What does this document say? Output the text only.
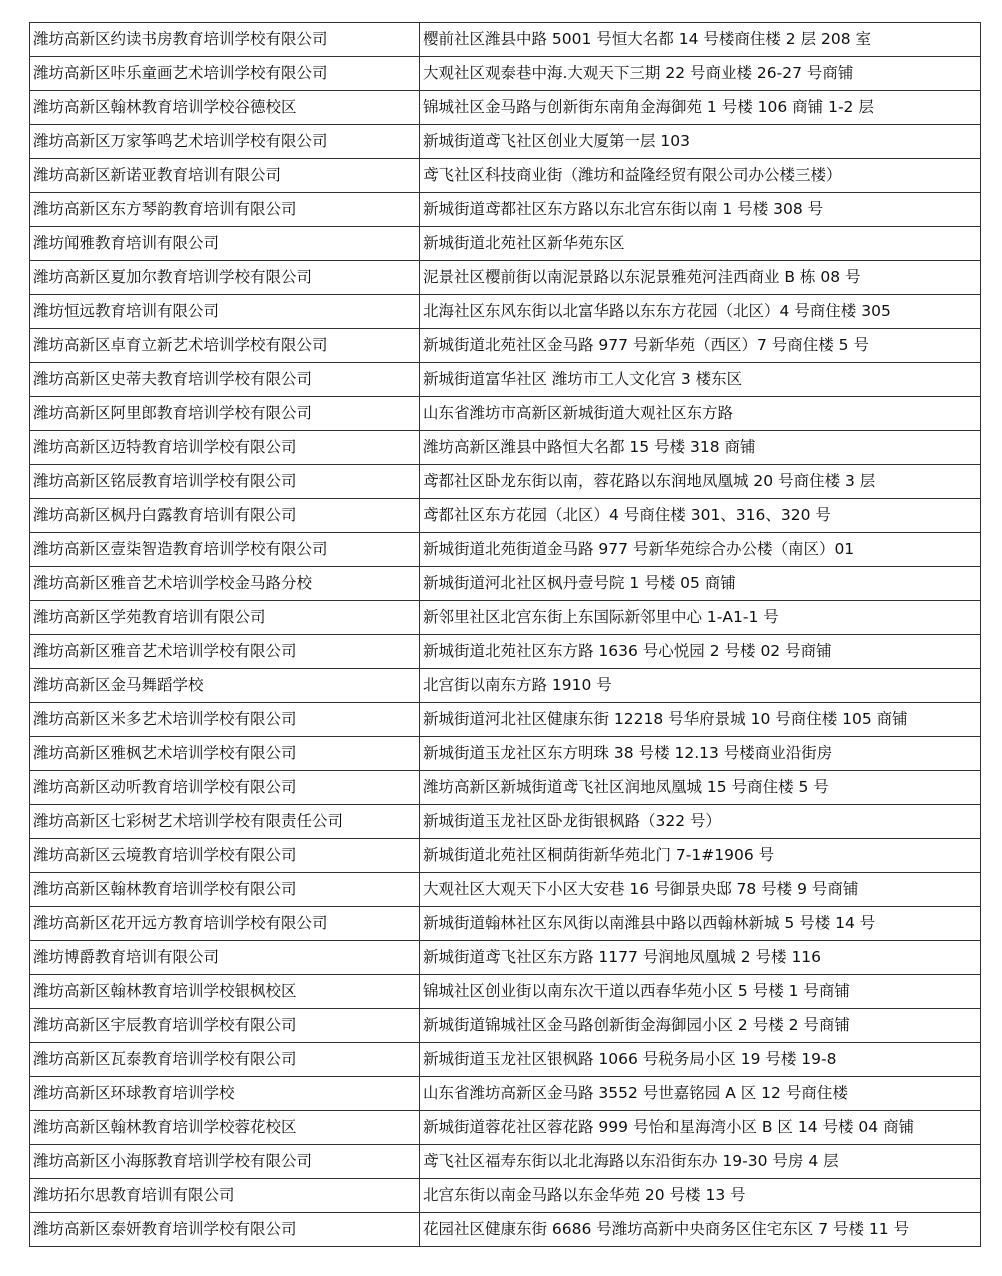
潍坊高新区约读书房教育培训学校有限公司	樱前社区潍县中路 5001 号恒大名都 14 号楼商住楼 2 层 208 室
潍坊高新区咔乐童画艺术培训学校有限公司	大观社区观泰巷中海.大观天下三期 22 号商业楼 26-27 号商铺
潍坊高新区翰林教育培训学校谷德校区	锦城社区金马路与创新街东南角金海御苑 1 号楼 106 商铺 1-2 层
潍坊高新区万家筝鸣艺术培训学校有限公司	新城街道鸢飞社区创业大厦第一层 103
潍坊高新区新诺亚教育培训有限公司	鸢飞社区科技商业街（潍坊和益隆经贸有限公司办公楼三楼）
潍坊高新区东方琴韵教育培训有限公司	新城街道鸢都社区东方路以东北宫东街以南 1 号楼 308 号
潍坊闻雅教育培训有限公司	新城街道北苑社区新华苑东区
潍坊高新区夏加尔教育培训学校有限公司	泥景社区樱前街以南泥景路以东泥景雅苑河洼西商业 B 栋 08 号
潍坊恒远教育培训有限公司	北海社区东风东街以北富华路以东东方花园（北区）4 号商住楼 305
潍坊高新区卓育立新艺术培训学校有限公司	新城街道北苑社区金马路 977 号新华苑（西区）7 号商住楼 5 号
潍坊高新区史蒂夫教育培训学校有限公司	新城街道富华社区 潍坊市工人文化宫 3 楼东区
潍坊高新区阿里郎教育培训学校有限公司	山东省潍坊市高新区新城街道大观社区东方路
潍坊高新区迈特教育培训学校有限公司	潍坊高新区潍县中路恒大名都 15 号楼 318 商铺
潍坊高新区铭辰教育培训学校有限公司	鸢都社区卧龙东街以南，蓉花路以东润地凤凰城 20 号商住楼 3 层
潍坊高新区枫丹白露教育培训有限公司	鸢都社区东方花园（北区）4 号商住楼 301、316、320 号
潍坊高新区壹柒智造教育培训学校有限公司	新城街道北苑街道金马路 977 号新华苑综合办公楼（南区）01
潍坊高新区雅音艺术培训学校金马路分校	新城街道河北社区枫丹壹号院 1 号楼 05 商铺
潍坊高新区学苑教育培训有限公司	新邻里社区北宫东街上东国际新邻里中心 1-A1-1 号
潍坊高新区雅音艺术培训学校有限公司	新城街道北苑社区东方路 1636 号心悦园 2 号楼 02 号商铺
潍坊高新区金马舞蹈学校	北宫街以南东方路 1910 号
潍坊高新区米多艺术培训学校有限公司	新城街道河北社区健康东街 12218 号华府景城 10 号商住楼 105 商铺
潍坊高新区雅枫艺术培训学校有限公司	新城街道玉龙社区东方明珠 38 号楼 12.13 号楼商业沿街房
潍坊高新区动听教育培训学校有限公司	潍坊高新区新城街道鸢飞社区润地凤凰城 15 号商住楼 5 号
潍坊高新区七彩树艺术培训学校有限责任公司	新城街道玉龙社区卧龙街银枫路（322 号）
潍坊高新区云境教育培训学校有限公司	新城街道北苑社区桐荫街新华苑北门 7-1#1906 号
潍坊高新区翰林教育培训学校有限公司	大观社区大观天下小区大安巷 16 号御景央邸 78 号楼 9 号商铺
潍坊高新区花开远方教育培训学校有限公司	新城街道翰林社区东风街以南潍县中路以西翰林新城 5 号楼 14 号
潍坊博爵教育培训有限公司	新城街道鸢飞社区东方路 1177 号润地凤凰城 2 号楼 116
潍坊高新区翰林教育培训学校银枫校区	锦城社区创业街以南东次干道以西春华苑小区 5 号楼 1 号商铺
潍坊高新区宇辰教育培训学校有限公司	新城街道锦城社区金马路创新街金海御园小区 2 号楼 2 号商铺
潍坊高新区瓦泰教育培训学校有限公司	新城街道玉龙社区银枫路 1066 号税务局小区 19 号楼 19-8
潍坊高新区环球教育培训学校	山东省潍坊高新区金马路 3552 号世嘉铭园 A 区 12 号商住楼
潍坊高新区翰林教育培训学校蓉花校区	新城街道蓉花社区蓉花路 999 号怡和星海湾小区 B 区 14 号楼 04 商铺
潍坊高新区小海豚教育培训学校有限公司	鸢飞社区福寿东街以北北海路以东沿街东办 19-30 号房 4 层
潍坊拓尔思教育培训有限公司	北宫东街以南金马路以东金华苑 20 号楼 13 号
潍坊高新区泰妍教育培训学校有限公司	花园社区健康东街 6686 号潍坊高新中央商务区住宅东区 7 号楼 11 号
